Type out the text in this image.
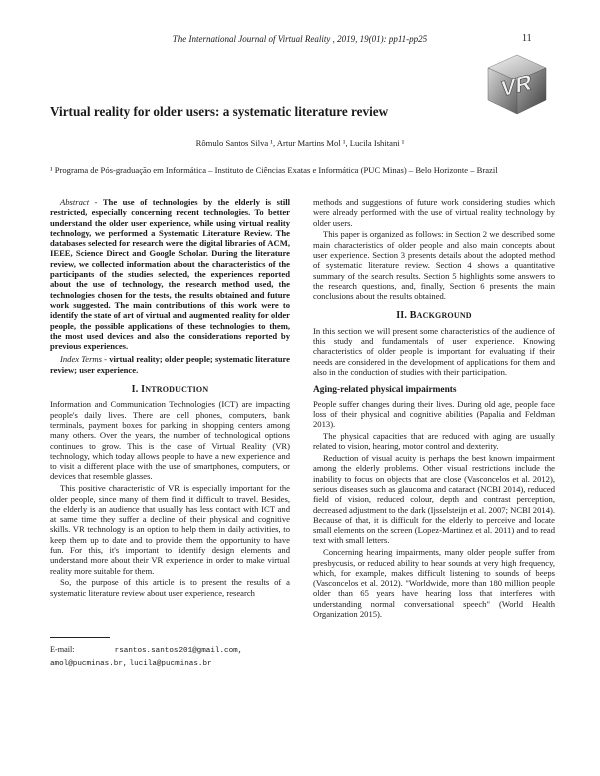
The International Journal of Virtual Reality , 2019, 19(01): pp11-pp25	11
VR
Virtual reality for older users: a systematic literature review
Rômulo Santos Silva ¹, Artur Martins Mol ¹, Lucila Ishitani ¹
¹ Programa de Pós-graduação em Informática – Instituto de Ciências Exatas e Informática (PUC Minas) – Belo Horizonte – Brazil

Abstract - The use of technologies by the elderly is still restricted, especially concerning recent technologies. To better understand the older user experience, while using virtual reality technology, we performed a Systematic Literature Review. The databases selected for research were the digital libraries of ACM, IEEE, Science Direct and Google Scholar. During the literature review, we collected information about the characteristics of the participants of the studies selected, the experiences reported about the use of technology, the research method used, the technologies chosen for the tests, the results obtained and future work suggested. The main contributions of this work were to identify the state of art of virtual and augmented reality for older people, the possible applications of these technologies to them, the most used devices and also the considerations reported by previous experiences.

Index Terms - virtual reality; older people; systematic literature review; user experience.

I. INTRODUCTION

Information and Communication Technologies (ICT) are impacting people's daily lives. There are cell phones, computers, bank terminals, payment boxes for parking in shopping centers among many others. Over the years, the number of technological options continues to grow. This is the case of Virtual Reality (VR) technology, which today allows people to have a new experience and to visit a different place with the use of smartphones, computers, or devices that resemble glasses.

This positive characteristic of VR is especially important for the older people, since many of them find it difficult to travel. Besides, the elderly is an audience that usually has less contact with ICT and at same time they suffer a decline of their physical and cognitive skills. VR technology is an option to help them in daily activities, to keep them up to date and to provide them the opportunity to have fun. For this, it's important to identify design elements and understand more about their VR experience in order to make virtual reality more suitable for them.

So, the purpose of this article is to present the results of a systematic literature review about user experience, research

E-mail:	rsantos.santos201@gmail.com,
amol@pucminas.br, lucila@pucminas.br

methods and suggestions of future work considering studies which were already performed with the use of virtual reality technology by older users.

This paper is organized as follows: in Section 2 we described some main characteristics of older people and also main concepts about user experience. Section 3 presents details about the adopted method of systematic literature review. Section 4 shows a quantitative summary of the search results. Section 5 highlights some answers to the research questions, and, finally, Section 6 presents the main conclusions about the results obtained.

II. BACKGROUND

In this section we will present some characteristics of the audience of this study and fundamentals of user experience. Knowing characteristics of older people is important for evaluating if their needs are considered in the development of applications for them and also in the conduction of studies with their participation.

Aging-related physical impairments

People suffer changes during their lives. During old age, people face loss of their physical and cognitive abilities (Papalia and Feldman 2013).

The physical capacities that are reduced with aging are usually related to vision, hearing, motor control and dexterity.

Reduction of visual acuity is perhaps the best known impairment among the elderly problems. Other visual restrictions include the inability to focus on objects that are close (Vasconcelos et al. 2012), serious diseases such as glaucoma and cataract (NCBI 2014), reduced field of vision, reduced colour, depth and contrast perception, decreased adjustment to the dark (Ijsselsteijn et al. 2007; NCBI 2014). Because of that, it is difficult for the elderly to perceive and locate small elements on the screen (Lopez-Martinez et al. 2011) and to read text with small letters.

Concerning hearing impairments, many older people suffer from presbycusis, or reduced ability to hear sounds at very high frequency, which, for example, makes difficult listening to sounds of beeps (Vasconcelos et al. 2012). "Worldwide, more than 180 million people older than 65 years have hearing loss that interferes with understanding normal conversational speech" (World Health Organization 2015).
